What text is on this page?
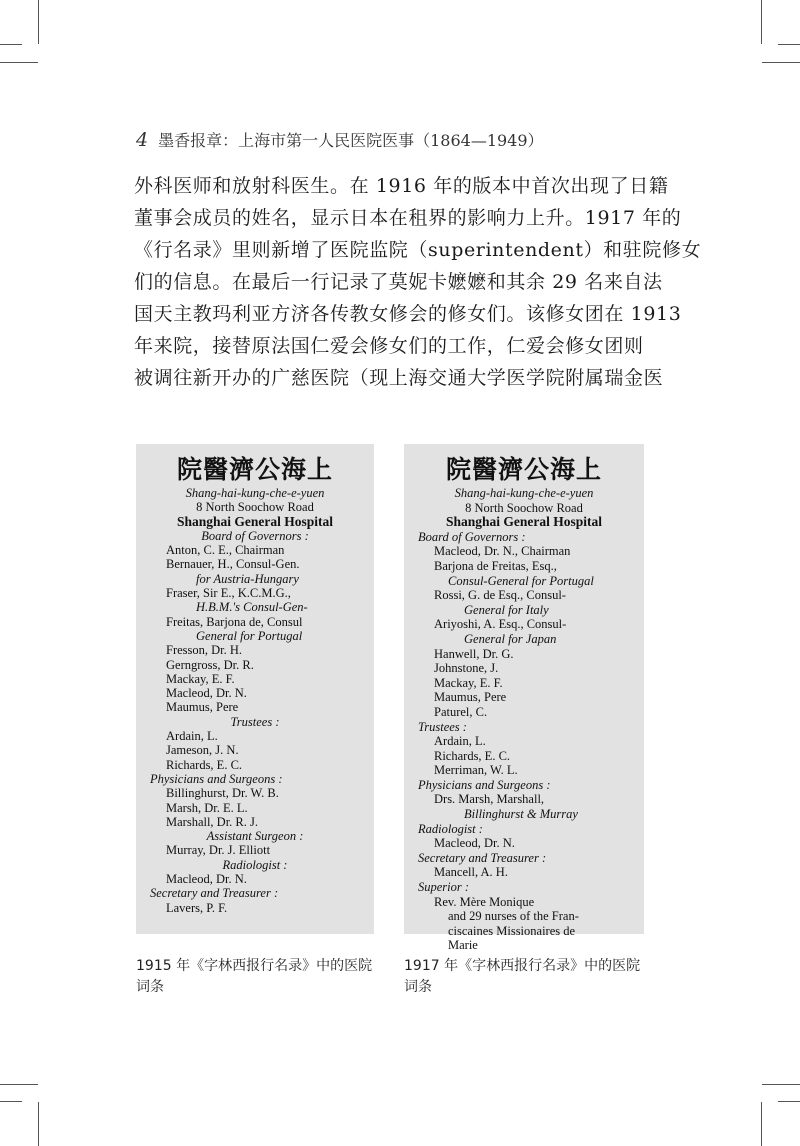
4 墨香报章：上海市第一人民医院医事（1864—1949）
外科医师和放射科医生。在 1916 年的版本中首次出现了日籍
董事会成员的姓名，显示日本在租界的影响力上升。1917 年的
《行名录》里则新增了医院监院（superintendent）和驻院修女
们的信息。在最后一行记录了莫妮卡嬷嬷和其余 29 名来自法
国天主教玛利亚方济各传教女修会的修女们。该修女团在 1913
年来院，接替原法国仁爱会修女们的工作，仁爱会修女团则
被调往新开办的广慈医院（现上海交通大学医学院附属瑞金医
院醫濟公海上
Shang-hai-kung-che-e-yuen
8 North Soochow Road
Shanghai General Hospital
Board of Governors :
Anton, C. E., Chairman
Bernauer, H., Consul-Gen.
for Austria-Hungary
Fraser, Sir E., K.C.M.G.,
H.B.M.'s Consul-Gen-
Freitas, Barjona de, Consul
General for Portugal
Fresson, Dr. H.
Gerngross, Dr. R.
Mackay, E. F.
Macleod, Dr. N.
Maumus, Pere
Trustees :
Ardain, L.
Jameson, J. N.
Richards, E. C.
Physicians and Surgeons :
Billinghurst, Dr. W. B.
Marsh, Dr. E. L.
Marshall, Dr. R. J.
Assistant Surgeon :
Murray, Dr. J. Elliott
Radiologist :
Macleod, Dr. N.
Secretary and Treasurer :
Lavers, P. F.
院醫濟公海上
Shang-hai-kung-che-e-yuen
8 North Soochow Road
Shanghai General Hospital
Board of Governors :
Macleod, Dr. N., Chairman
Barjona de Freitas, Esq.,
Consul-General for Portugal
Rossi, G. de Esq., Consul-
General for Italy
Ariyoshi, A. Esq., Consul-
General for Japan
Hanwell, Dr. G.
Johnstone, J.
Mackay, E. F.
Maumus, Pere
Paturel, C.
Trustees :
Ardain, L.
Richards, E. C.
Merriman, W. L.
Physicians and Surgeons :
Drs. Marsh, Marshall,
Billinghurst & Murray
Radiologist :
Macleod, Dr. N.
Secretary and Treasurer :
Mancell, A. H.
Superior :
Rev. Mère Monique
and 29 nurses of the Fran-
ciscaines Missionaires de
Marie
1915 年《字林西报行名录》中的医院词条
1917 年《字林西报行名录》中的医院词条
